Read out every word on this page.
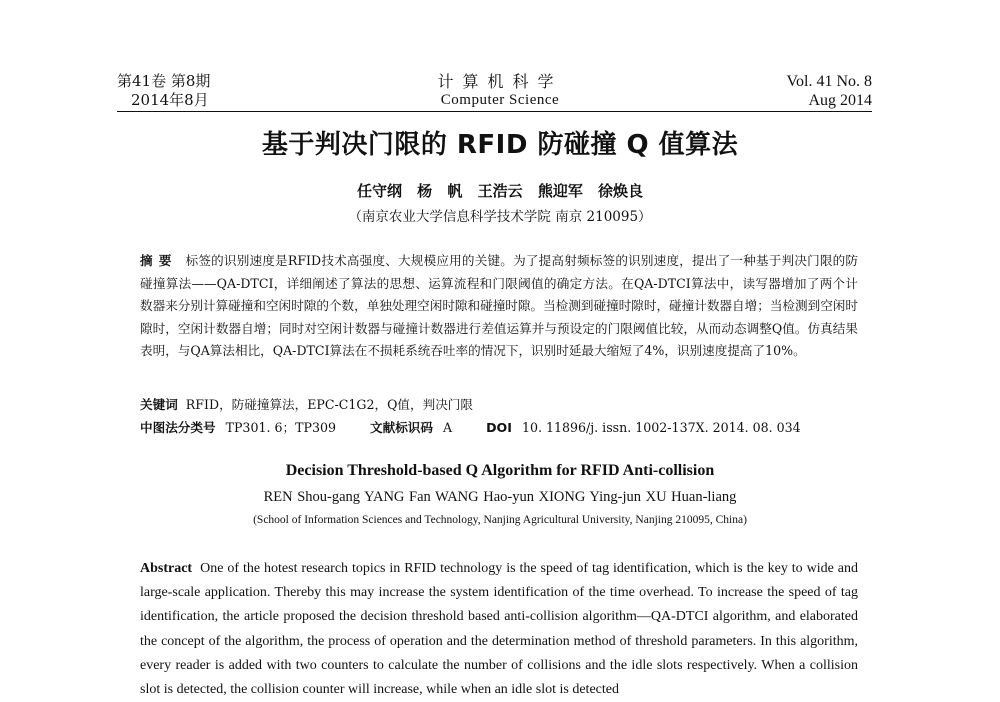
第41卷 第8期
2014年8月
计算机科学
Computer Science
Vol. 41 No. 8
Aug 2014
基于判决门限的 RFID 防碰撞 Q 值算法
任守纲 杨 帆 王浩云 熊迎军 徐焕良
（南京农业大学信息科学技术学院 南京 210095）
摘要 标签的识别速度是RFID技术高强度、大规模应用的关键。为了提高射频标签的识别速度，提出了一种基于判决门限的防碰撞算法——QA-DTCI，详细阐述了算法的思想、运算流程和门限阈值的确定方法。在QA-DTCI算法中，读写器增加了两个计数器来分别计算碰撞和空闲时隙的个数，单独处理空闲时隙和碰撞时隙。当检测到碰撞时隙时，碰撞计数器自增；当检测到空闲时隙时，空闲计数器自增；同时对空闲计数器与碰撞计数器进行差值运算并与预设定的门限阈值比较，从而动态调整Q值。仿真结果表明，与QA算法相比，QA-DTCI算法在不损耗系统吞吐率的情况下，识别时延最大缩短了4%，识别速度提高了10%。
关键词 RFID，防碰撞算法，EPC-C1G2，Q值，判决门限
中图法分类号 TP301. 6；TP309	文献标识码 A	DOI 10. 11896/j. issn. 1002-137X. 2014. 08. 034
Decision Threshold-based Q Algorithm for RFID Anti-collision
REN Shou-gang YANG Fan WANG Hao-yun XIONG Ying-jun XU Huan-liang
(School of Information Sciences and Technology, Nanjing Agricultural University, Nanjing 210095, China)
Abstract One of the hotest research topics in RFID technology is the speed of tag identification, which is the key to wide and large-scale application. Thereby this may increase the system identification of the time overhead. To increase the speed of tag identification, the article proposed the decision threshold based anti-collision algorithm—QA-DTCI algorithm, and elaborated the concept of the algorithm, the process of operation and the determination method of threshold parameters. In this algorithm, every reader is added with two counters to calculate the number of collisions and the idle slots respectively. When a collision slot is detected, the collision counter will increase, while when an idle slot is detected
